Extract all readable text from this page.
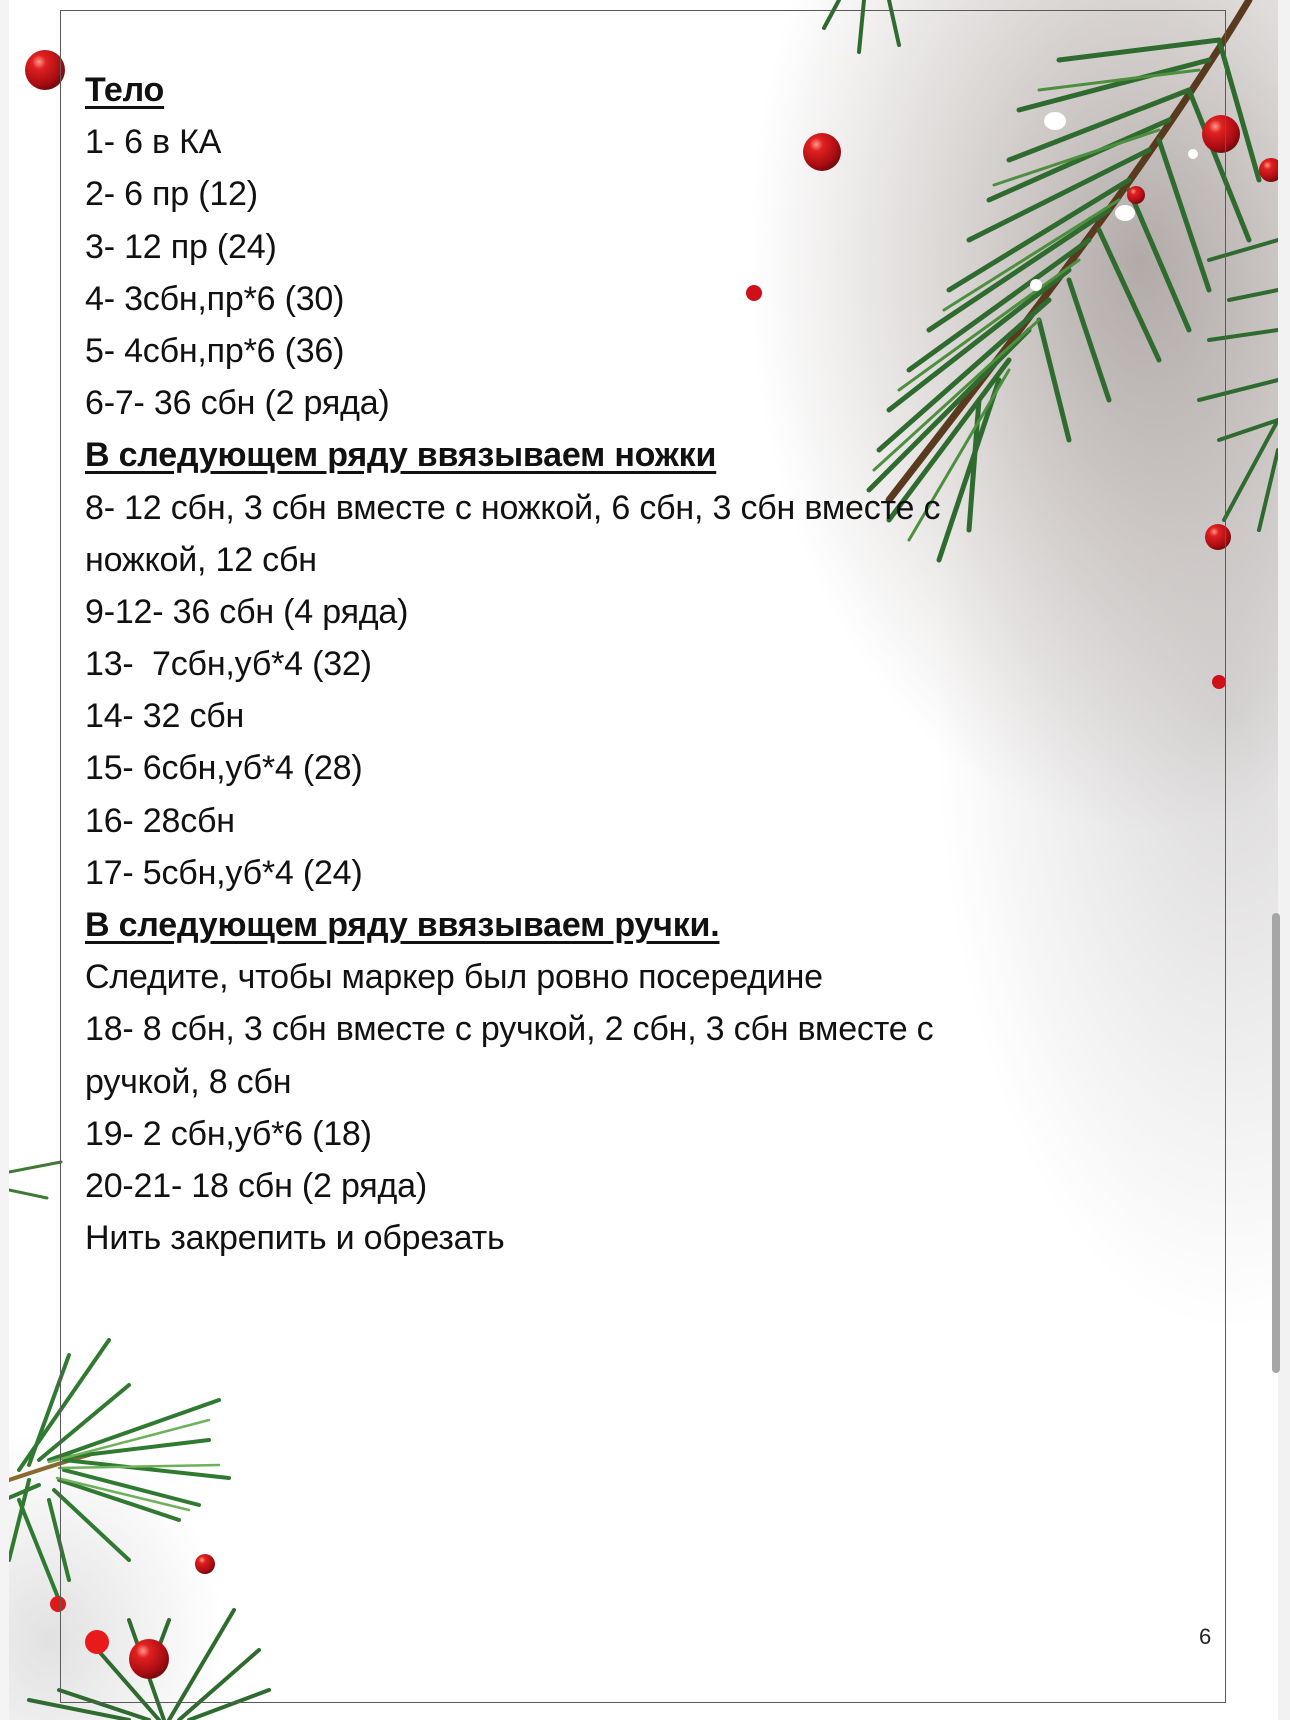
Тело
1- 6 в КА
2- 6 пр (12)
3- 12 пр (24)
4- 3сбн,пр*6 (30)
5- 4сбн,пр*6 (36)
6-7- 36 сбн (2 ряда)
В следующем ряду ввязываем ножки
8- 12 сбн, 3 сбн вместе с ножкой, 6 сбн, 3 сбн вместе с
ножкой, 12 сбн
9-12- 36 сбн (4 ряда)
13-  7сбн,уб*4 (32)
14- 32 сбн
15- 6сбн,уб*4 (28)
16- 28сбн
17- 5сбн,уб*4 (24)
В следующем ряду ввязываем ручки.
Следите, чтобы маркер был ровно посередине
18- 8 сбн, 3 сбн вместе с ручкой, 2 сбн, 3 сбн вместе с
ручкой, 8 сбн
19- 2 сбн,уб*6 (18)
20-21- 18 сбн (2 ряда)
Нить закрепить и обрезать
6
